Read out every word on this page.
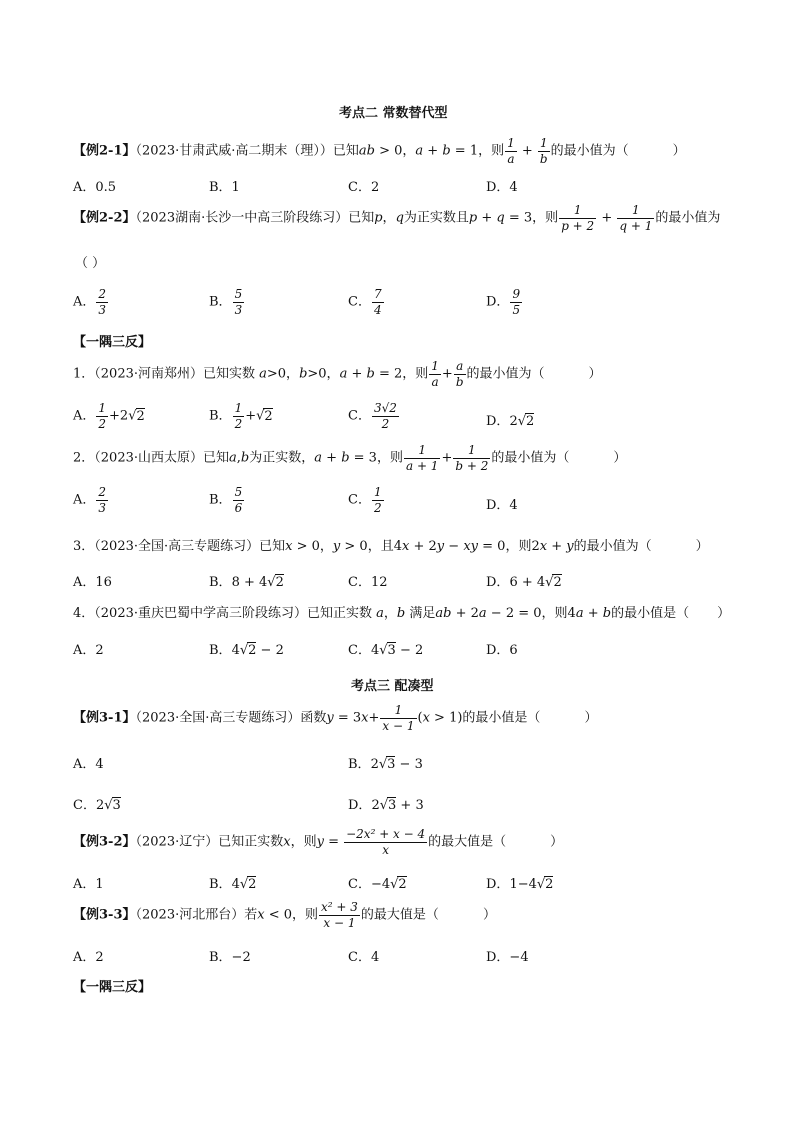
考点二 常数替代型
【例2-1】（2023·甘肃武威·高二期末（理））已知ab > 0，a + b = 1，则 $\frac{1}{a} + \frac{1}{b}$ 的最小值为（	）
A．0.5	B．1	C．2	D．4
【例2-2】（2023湖南·长沙一中高三阶段练习）已知p，q为正实数且p + q = 3，则 $\frac{1}{p + 2} + \frac{1}{q + 1}$ 的最小值为
（ ）
A． $\frac{2}{3}$	B． $\frac{5}{3}$	C． $\frac{7}{4}$	D． $\frac{9}{5}$
【一隅三反】
1．（2023·河南郑州）已知实数 a>0，b>0，a + b = 2，则 $\frac{1}{a} + \frac{a}{b}$ 的最小值为（	）
A． $\frac{1}{2} +2√2$	B． $\frac{1}{2} +√2$	C． $\frac{3√2}{2}$	D．2√2
2．（2023·山西太原）已知a,b为正实数，a + b = 3，则 $\frac{1}{a + 1} + \frac{1}{b + 2}$ 的最小值为（	）
A． $\frac{2}{3}$	B． $\frac{5}{6}$	C． $\frac{1}{2}$	D．4
3．（2023·全国·高三专题练习）已知x > 0，y > 0，且4x + 2y − xy = 0，则2x + y的最小值为（	）
A．16	B．8 + 4√2	C．12	D．6 + 4√2
4．（2023·重庆巴蜀中学高三阶段练习）已知正实数 a，b 满足ab + 2a − 2 = 0，则4a + b的最小值是（ ）
A．2	B．4√2 − 2	C．4√3 − 2	D．6
考点三 配凑型
【例3-1】（2023·全国·高三专题练习）函数$y = 3x+ \frac{1}{x - 1} (x > 1)$的最小值是（	）
A．4	B．2√3 − 3
C．2√3	D．2√3 + 3
【例3-2】（2023·辽宁）已知正实数x，则$y = \frac{\text{−2x² + x − 4}}{x}$ 的最大值是（	）
A．1	B．4√2	C．−4√2	D．1−4√2
【例3-3】（2023·河北邢台）若x < 0，则 $\frac{\text{x² + 3}}{x - 1}$ 的最大值是（	）
A．2	B．−2	C．4	D．−4
【一隅三反】
